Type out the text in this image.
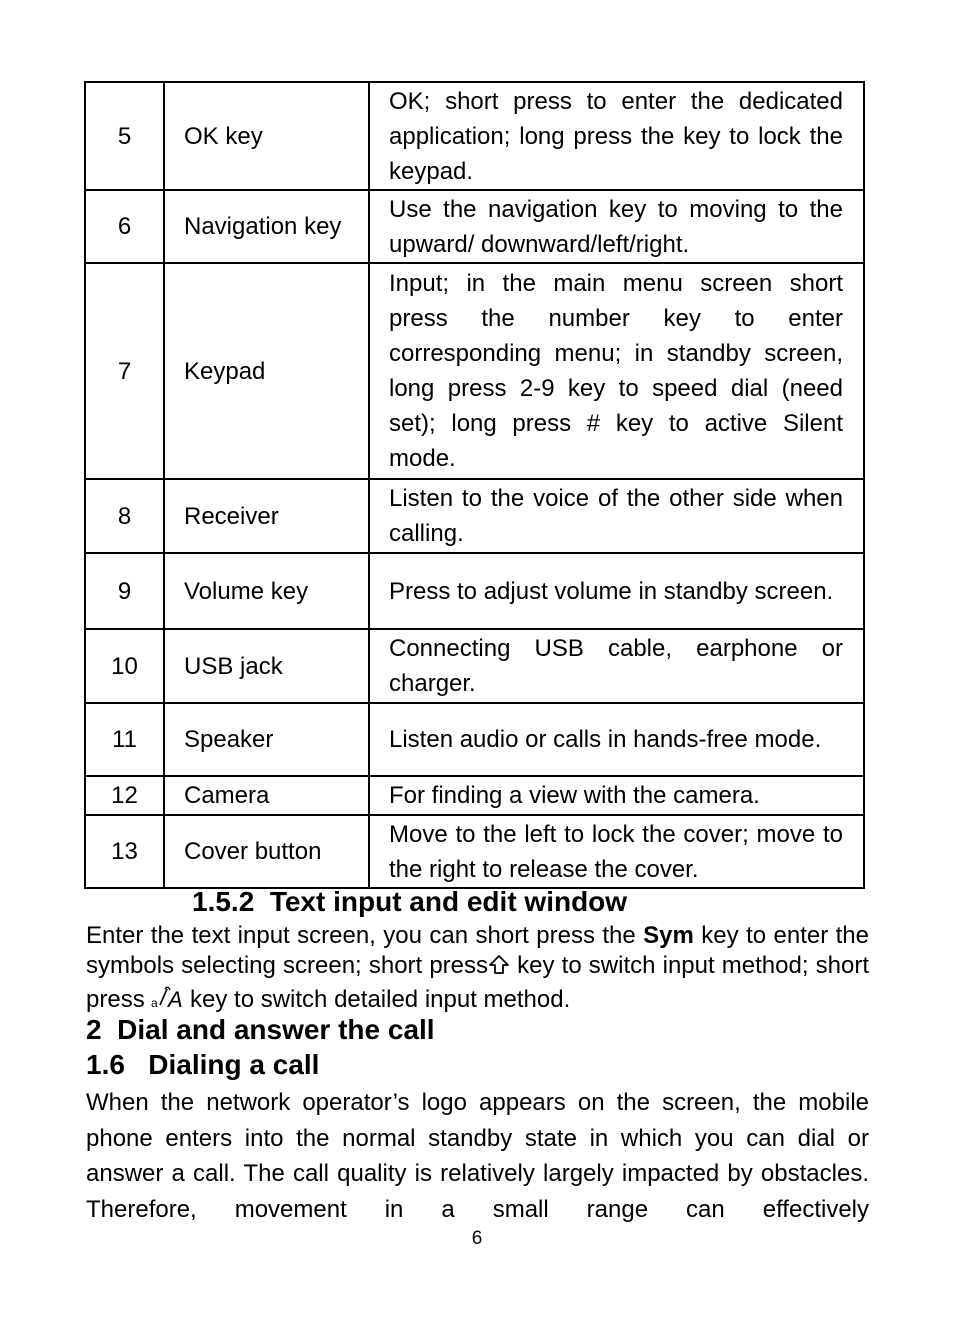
5	OK key	OK; short press to enter the dedicated application; long press the key to lock the keypad.
6	Navigation key	Use the navigation key to moving to the upward/ downward/left/right.
7	Keypad	Input; in the main menu screen short press the number key to enter corresponding menu; in standby screen, long press 2-9 key to speed dial (need set); long press # key to active Silent mode.
8	Receiver	Listen to the voice of the other side when calling.
9	Volume key	Press to adjust volume in standby screen.
10	USB jack	Connecting USB cable, earphone or charger.
11	Speaker	Listen audio or calls in hands-free mode.
12	Camera	For finding a view with the camera.
13	Cover button	Move to the left to lock the cover; move to the right to release the cover.
1.5.2  Text input and edit window
Enter the text input screen, you can short press the Sym key to enter the symbols selecting screen; short press key to switch input method; short press a A key to switch detailed input method.
2  Dial and answer the call
1.6   Dialing a call
When the network operator’s logo appears on the screen, the mobile phone enters into the normal standby state in which you can dial or answer a call. The call quality is relatively largely impacted by obstacles. Therefore, movement in a small range can effectively
6
